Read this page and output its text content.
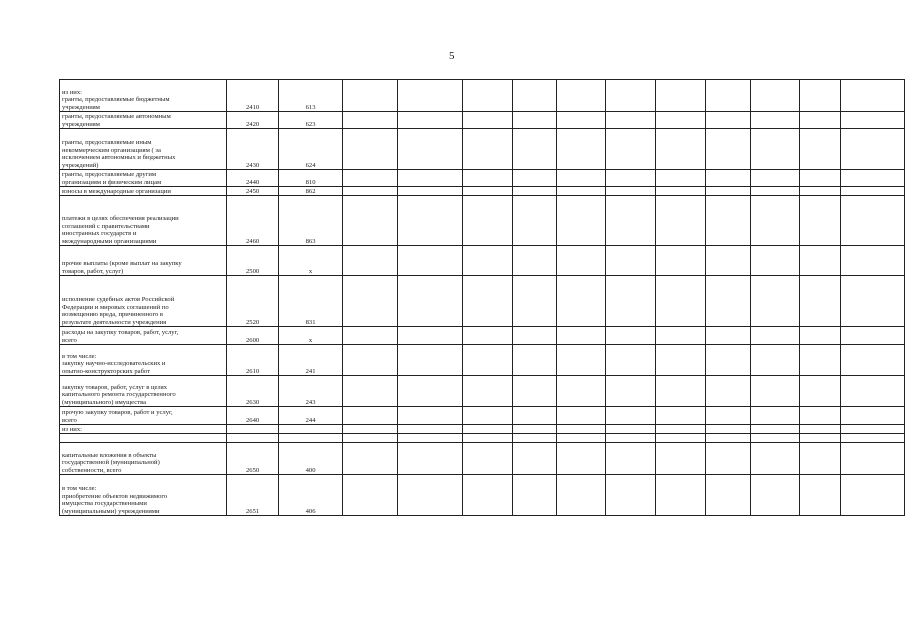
5
из них:
гранты, предоставляемые бюджетным
учреждениям	2410	613											
гранты, предоставляемые автономным
учреждениям	2420	623											
гранты, предоставляемые иным
некоммерческим организациям ( за
исключением автономных и бюджетных
учреждений)	2430	624											
гранты, предоставляемые другим
организациям и физическим лицам	2440	810											
взносы в международные организации	2450	862											
платежи в целях обеспечения реализации
соглашений с правительствами
иностранных государств и
международными организациями	2460	863											
прочие выплаты (кроме выплат на закупку
товаров, работ, услуг)	2500	х											
исполнение судебных актов Российской
Федерации и мировых соглашений по
возмещению вреда, причиненного в
результате деятельности учреждения	2520	831											
расходы на закупку товаров, работ, услуг,
всего	2600	х											
в том числе:
закупку научно-исследовательских и
опытно-конструкторских работ	2610	241											
закупку товаров, работ, услуг в целях
капитального ремонта государственного
(муниципального) имущества	2630	243											
прочую закупку товаров, работ и услуг,
всего	2640	244											
из них:													

капитальные вложения в объекты
государственной (муниципальной)
собственности, всего	2650	400											
в том числе:
приобретение объектов недвижимого
имущества государственными
(муниципальными) учреждениями	2651	406											
